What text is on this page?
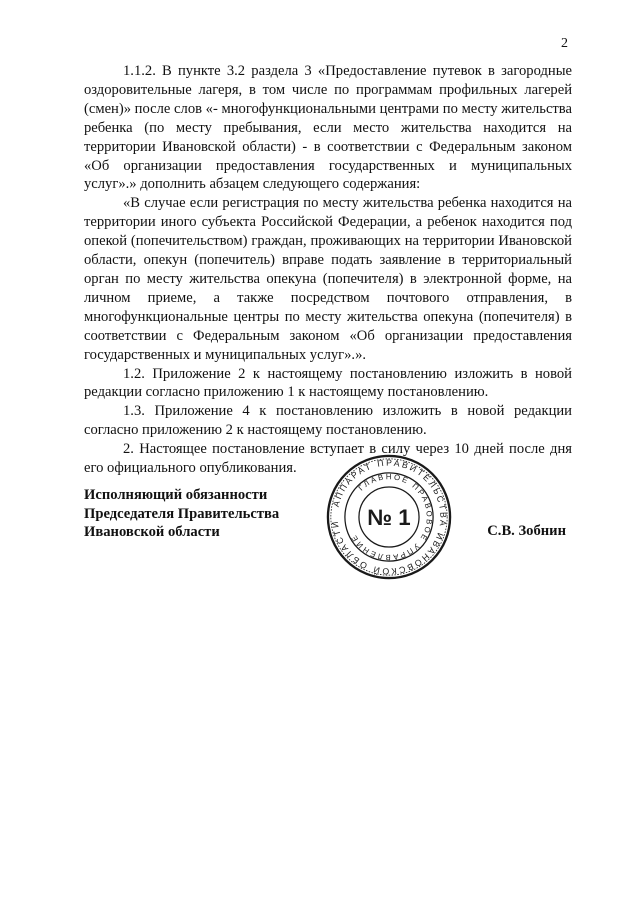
2

1.1.2. В пункте 3.2 раздела 3 «Предоставление путевок в загородные оздоровительные лагеря, в том числе по программам профильных лагерей (смен)» после слов «- многофункциональными центрами по месту жительства ребенка (по месту пребывания, если место жительства находится на территории Ивановской области) - в соответствии с Федеральным законом «Об организации предоставления государственных и муниципальных услуг».» дополнить абзацем следующего содержания:

«В случае если регистрация по месту жительства ребенка находится на территории иного субъекта Российской Федерации, а ребенок находится под опекой (попечительством) граждан, проживающих на территории Ивановской области, опекун (попечитель) вправе подать заявление в территориальный орган по месту жительства опекуна (попечителя) в электронной форме, на личном приеме, а также посредством почтового отправления, в многофункциональные центры по месту жительства опекуна (попечителя) в соответствии с Федеральным законом «Об организации предоставления государственных и муниципальных услуг».».

1.2. Приложение 2 к настоящему постановлению изложить в новой редакции согласно приложению 1 к настоящему постановлению.

1.3. Приложение 4 к постановлению изложить в новой редакции согласно приложению 2 к настоящему постановлению.

2. Настоящее постановление вступает в силу через 10 дней после дня его официального опубликования.

Исполняющий обязанности
Председателя Правительства
Ивановской области	С.В. Зобнин
АППАРАТ ПРАВИТЕЛЬСТВА ИВАНОВСКОЙ ОБЛАСТИ
ГЛАВНОЕ ПРАВОВОЕ УПРАВЛЕНИЕ
№ 1
